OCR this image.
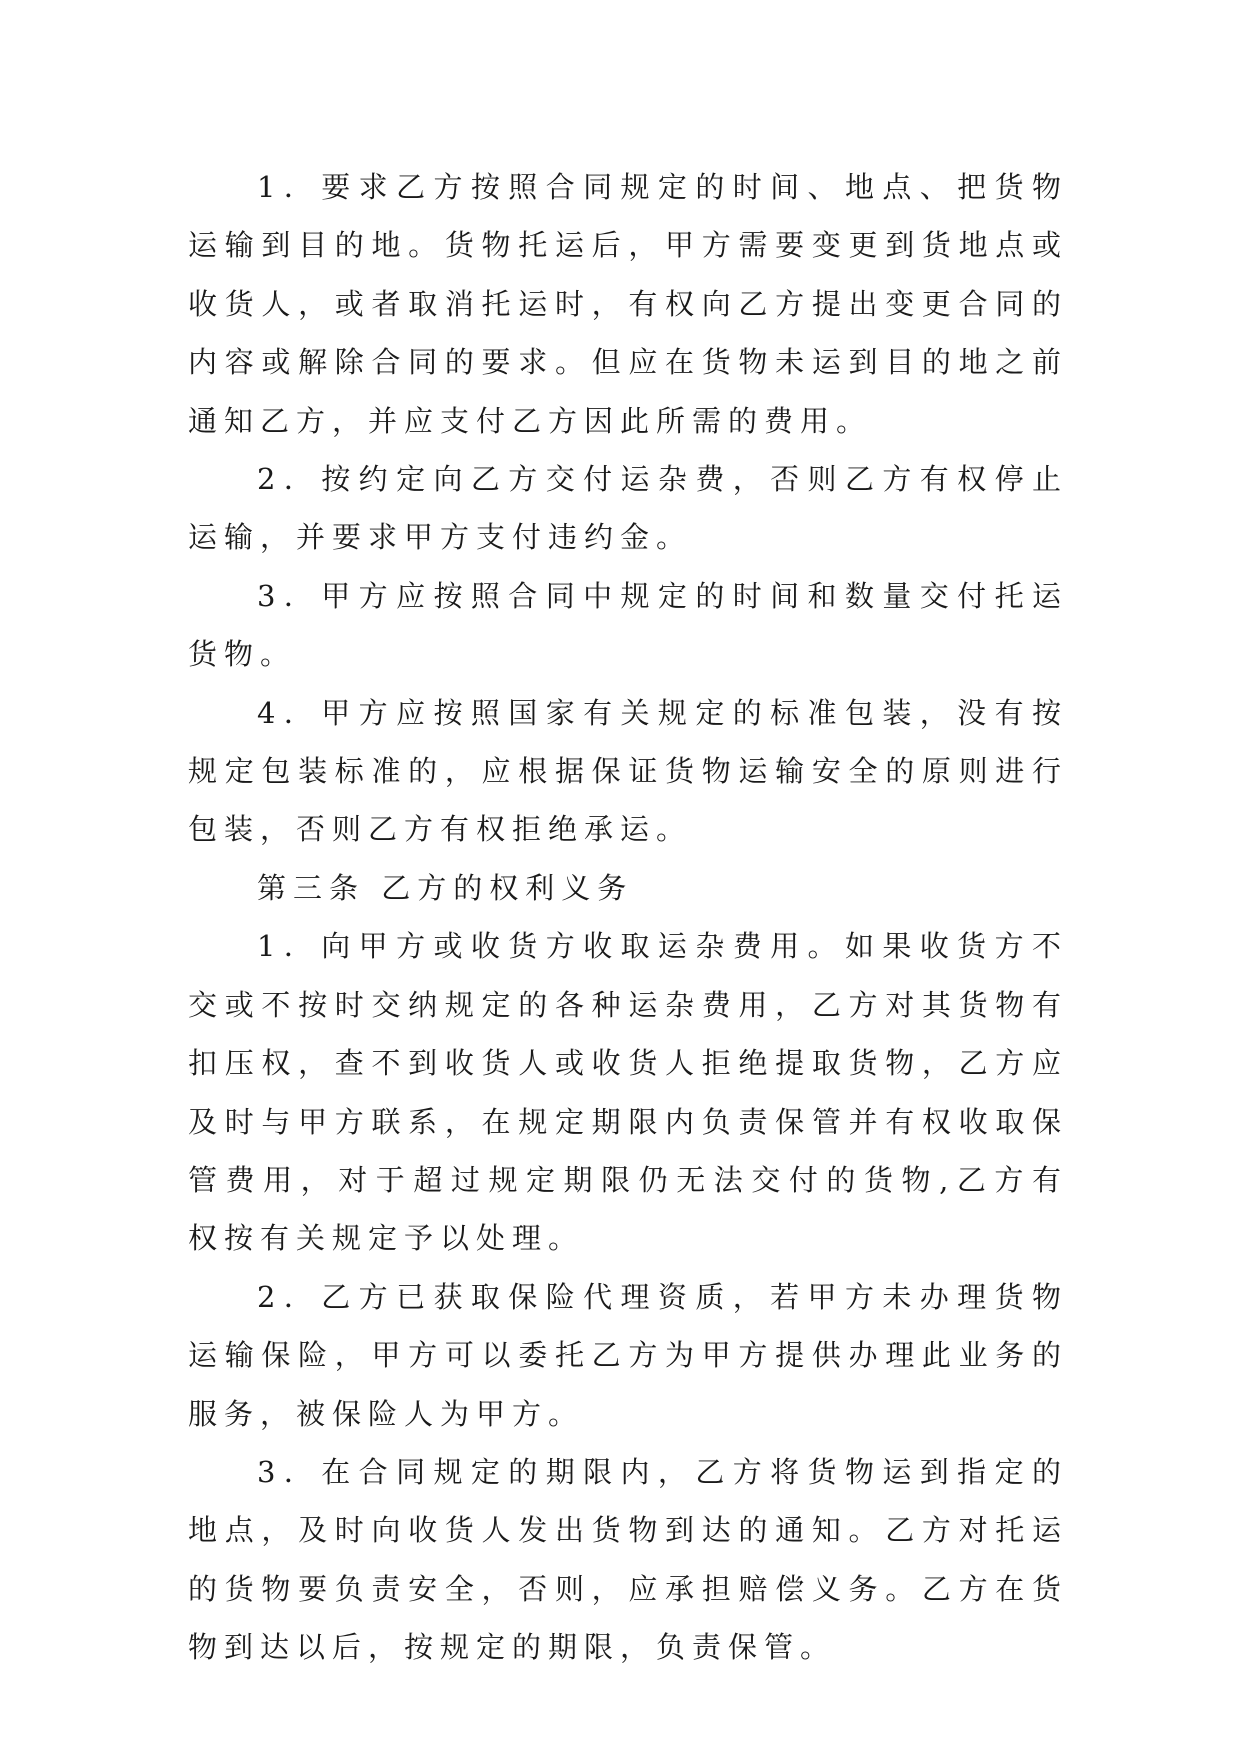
1．要求乙方按照合同规定的时间、地点、把货物运输到目的地。货物托运后，甲方需要变更到货地点或收货人，或者取消托运时，有权向乙方提出变更合同的内容或解除合同的要求。但应在货物未运到目的地之前通知乙方，并应支付乙方因此所需的费用。

2．按约定向乙方交付运杂费，否则乙方有权停止运输，并要求甲方支付违约金。

3．甲方应按照合同中规定的时间和数量交付托运货物。

4．甲方应按照国家有关规定的标准包装，没有按规定包装标准的，应根据保证货物运输安全的原则进行包装，否则乙方有权拒绝承运。

第三条 乙方的权利义务

1．向甲方或收货方收取运杂费用。如果收货方不交或不按时交纳规定的各种运杂费用，乙方对其货物有扣压权，查不到收货人或收货人拒绝提取货物，乙方应及时与甲方联系，在规定期限内负责保管并有权收取保管费用，对于超过规定期限仍无法交付的货物,乙方有权按有关规定予以处理。

2．乙方已获取保险代理资质，若甲方未办理货物运输保险，甲方可以委托乙方为甲方提供办理此业务的服务，被保险人为甲方。

3．在合同规定的期限内，乙方将货物运到指定的地点，及时向收货人发出货物到达的通知。乙方对托运的货物要负责安全，否则，应承担赔偿义务。乙方在货物到达以后，按规定的期限，负责保管。
